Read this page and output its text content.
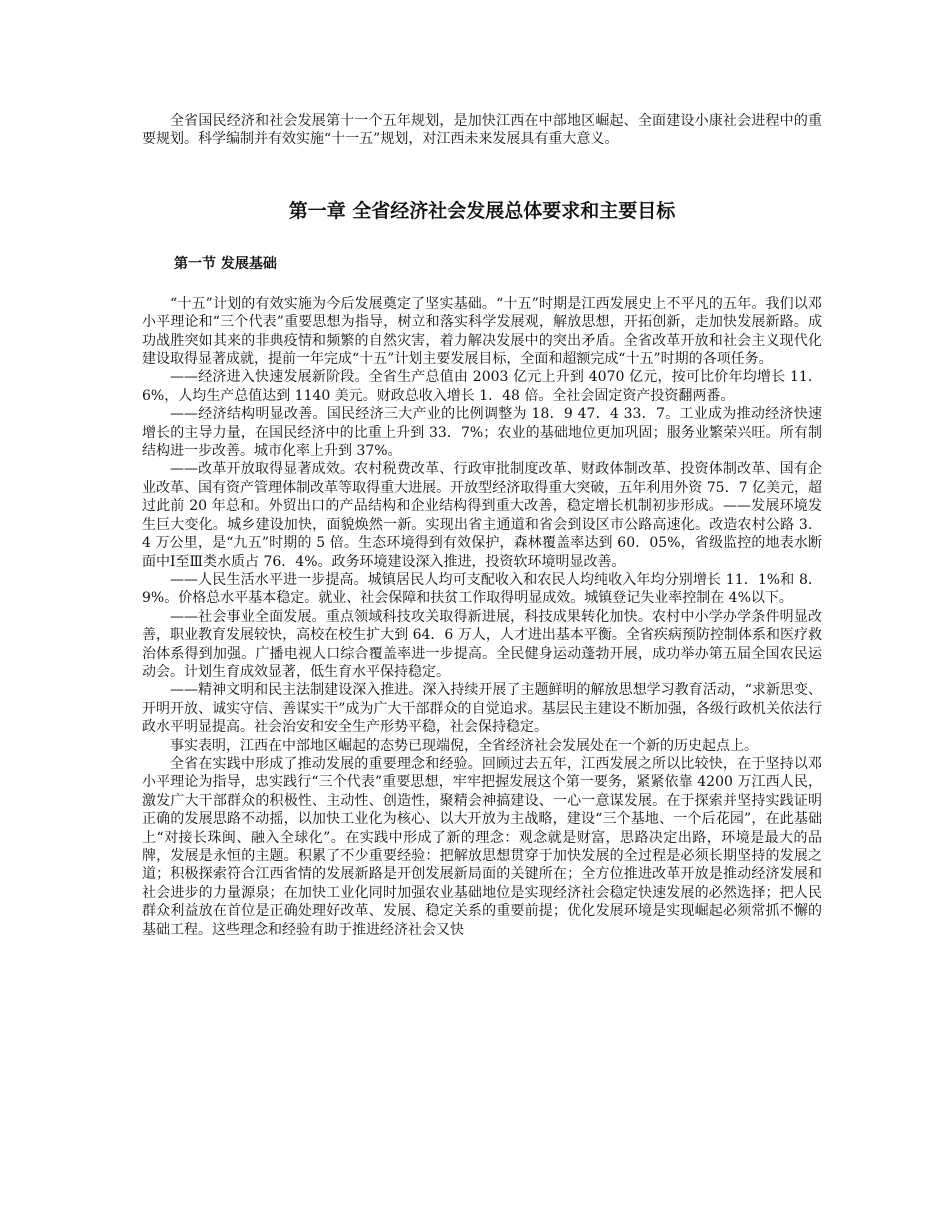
全省国民经济和社会发展第十一个五年规划，是加快江西在中部地区崛起、全面建设小康社会进程中的重要规划。科学编制并有效实施“十一五”规划，对江西未来发展具有重大意义。

第一章 全省经济社会发展总体要求和主要目标
第一节 发展基础

“十五”计划的有效实施为今后发展奠定了坚实基础。“十五”时期是江西发展史上不平凡的五年。我们以邓小平理论和“三个代表”重要思想为指导，树立和落实科学发展观，解放思想，开拓创新，走加快发展新路。成功战胜突如其来的非典疫情和频繁的自然灾害，着力解决发展中的突出矛盾。全省改革开放和社会主义现代化建设取得显著成就，提前一年完成“十五”计划主要发展目标，全面和超额完成“十五”时期的各项任务。

——经济进入快速发展新阶段。全省生产总值由 2003 亿元上升到 4070 亿元，按可比价年均增长 11．6%，人均生产总值达到 1140 美元。财政总收入增长 1．48 倍。全社会固定资产投资翻两番。

——经济结构明显改善。国民经济三大产业的比例调整为 18．9 47．4 33．7。工业成为推动经济快速增长的主导力量，在国民经济中的比重上升到 33．7%；农业的基础地位更加巩固；服务业繁荣兴旺。所有制结构进一步改善。城市化率上升到 37%。

——改革开放取得显著成效。农村税费改革、行政审批制度改革、财政体制改革、投资体制改革、国有企业改革、国有资产管理体制改革等取得重大进展。开放型经济取得重大突破，五年利用外资 75．7 亿美元，超过此前 20 年总和。外贸出口的产品结构和企业结构得到重大改善，稳定增长机制初步形成。——发展环境发生巨大变化。城乡建设加快，面貌焕然一新。实现出省主通道和省会到设区市公路高速化。改造农村公路 3．4 万公里，是“九五”时期的 5 倍。生态环境得到有效保护，森林覆盖率达到 60．05%，省级监控的地表水断面中Ⅰ至Ⅲ类水质占 76．4%。政务环境建设深入推进，投资软环境明显改善。

——人民生活水平进一步提高。城镇居民人均可支配收入和农民人均纯收入年均分别增长 11．1%和 8．9%。价格总水平基本稳定。就业、社会保障和扶贫工作取得明显成效。城镇登记失业率控制在 4%以下。

——社会事业全面发展。重点领域科技攻关取得新进展，科技成果转化加快。农村中小学办学条件明显改善，职业教育发展较快，高校在校生扩大到 64．6 万人，人才进出基本平衡。全省疾病预防控制体系和医疗救治体系得到加强。广播电视人口综合覆盖率进一步提高。全民健身运动蓬勃开展，成功举办第五届全国农民运动会。计划生育成效显著，低生育水平保持稳定。

——精神文明和民主法制建设深入推进。深入持续开展了主题鲜明的解放思想学习教育活动，“求新思变、开明开放、诚实守信、善谋实干”成为广大干部群众的自觉追求。基层民主建设不断加强，各级行政机关依法行政水平明显提高。社会治安和安全生产形势平稳，社会保持稳定。

事实表明，江西在中部地区崛起的态势已现端倪，全省经济社会发展处在一个新的历史起点上。

全省在实践中形成了推动发展的重要理念和经验。回顾过去五年，江西发展之所以比较快，在于坚持以邓小平理论为指导，忠实践行“三个代表”重要思想，牢牢把握发展这个第一要务，紧紧依靠 4200 万江西人民，激发广大干部群众的积极性、主动性、创造性，聚精会神搞建设、一心一意谋发展。在于探索并坚持实践证明正确的发展思路不动摇，以加快工业化为核心、以大开放为主战略，建设“三个基地、一个后花园”，在此基础上“对接长珠闽、融入全球化”。在实践中形成了新的理念：观念就是财富，思路决定出路，环境是最大的品牌，发展是永恒的主题。积累了不少重要经验：把解放思想贯穿于加快发展的全过程是必须长期坚持的发展之道；积极探索符合江西省情的发展新路是开创发展新局面的关键所在；全方位推进改革开放是推动经济发展和社会进步的力量源泉；在加快工业化同时加强农业基础地位是实现经济社会稳定快速发展的必然选择；把人民群众利益放在首位是正确处理好改革、发展、稳定关系的重要前提；优化发展环境是实现崛起必须常抓不懈的基础工程。这些理念和经验有助于推进经济社会又快
